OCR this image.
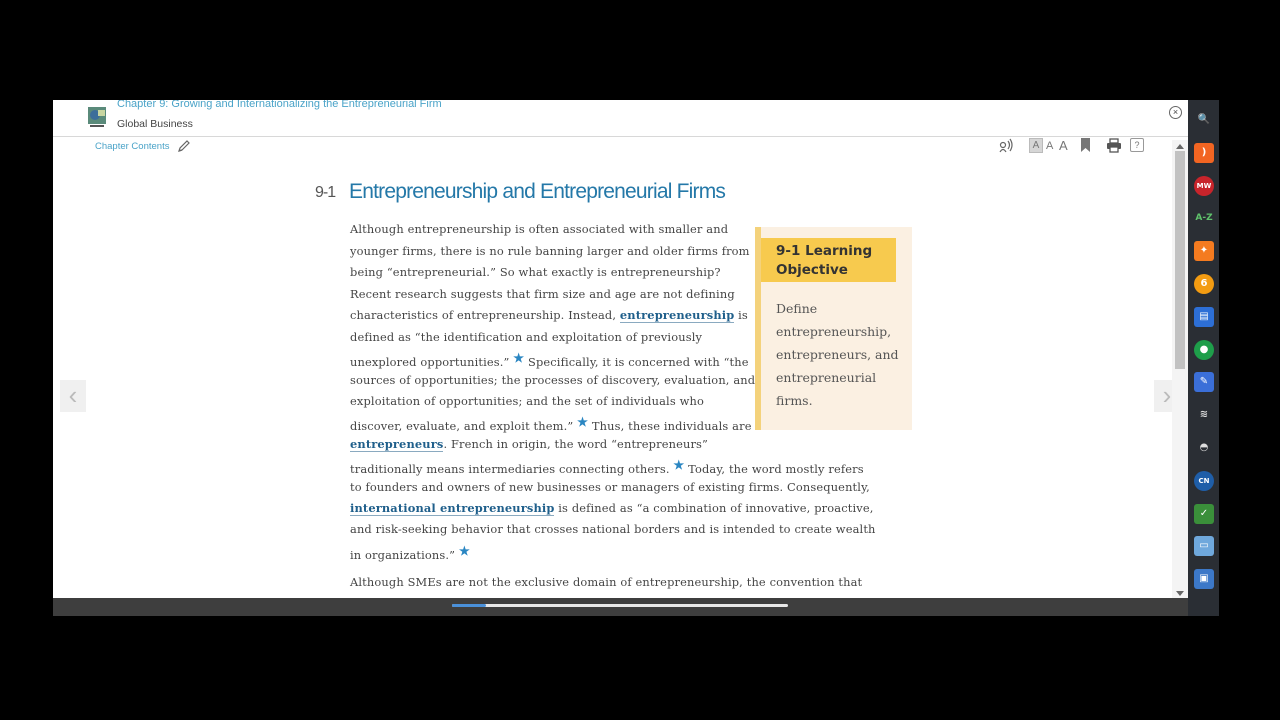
Chapter 9: Growing and Internationalizing the Entrepreneurial Firm
Global Business
×
Chapter Contents	A A A	?
9-1 Entrepreneurship and Entrepreneurial Firms
Although entrepreneurship is often associated with smaller and
younger firms, there is no rule banning larger and older firms from
being “entrepreneurial.” So what exactly is entrepreneurship?
Recent research suggests that firm size and age are not defining
characteristics of entrepreneurship. Instead, entrepreneurship is
defined as “the identification and exploitation of previously
unexplored opportunities.” ★ Specifically, it is concerned with “the
sources of opportunities; the processes of discovery, evaluation, and
exploitation of opportunities; and the set of individuals who
discover, evaluate, and exploit them.” ★ Thus, these individuals are
entrepreneurs. French in origin, the word “entrepreneurs”
traditionally means intermediaries connecting others. ★ Today, the word mostly refers
to founders and owners of new businesses or managers of existing firms. Consequently,
international entrepreneurship is defined as “a combination of innovative, proactive,
and risk-seeking behavior that crosses national borders and is intended to create wealth
in organizations.” ★
Although SMEs are not the exclusive domain of entrepreneurship, the convention that
9-1 Learning Objective
Define entrepreneurship, entrepreneurs, and entrepreneurial firms.
‹	›
🔍
)
MW
A-Z
✦
6
▤
●
✎
≋
◓
CN
✓
▭
▣
